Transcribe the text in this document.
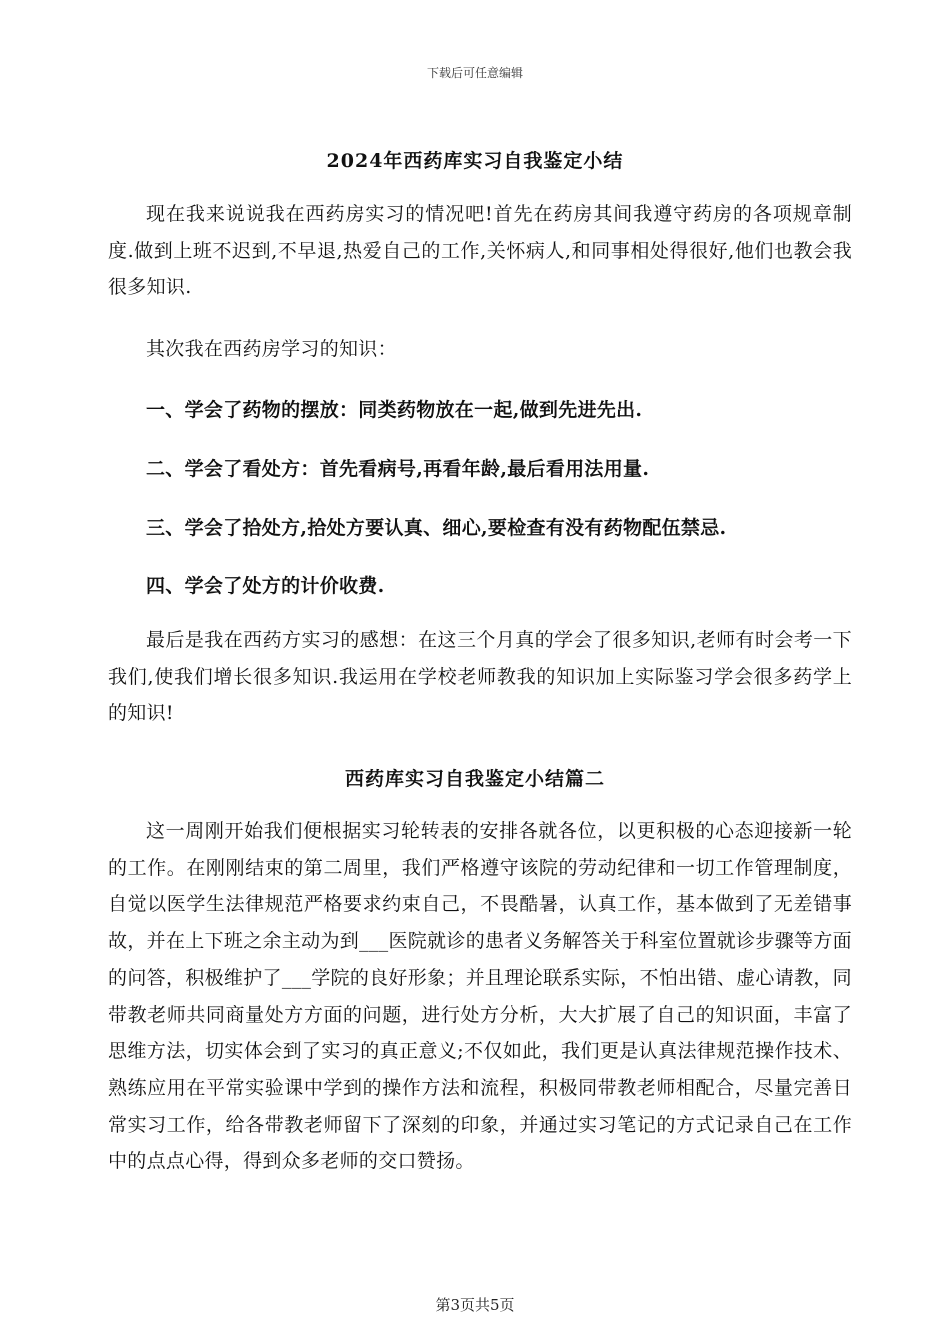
下载后可任意编辑
2024年西药库实习自我鉴定小结

现在我来说说我在西药房实习的情况吧!首先在药房其间我遵守药房的各项规章制度.做到上班不迟到,不早退,热爱自己的工作,关怀病人,和同事相处得很好,他们也教会我很多知识.

其次我在西药房学习的知识：

一、学会了药物的摆放：同类药物放在一起,做到先进先出.

二、学会了看处方：首先看病号,再看年龄,最后看用法用量.

三、学会了拾处方,拾处方要认真、细心,要检查有没有药物配伍禁忌.

四、学会了处方的计价收费.

最后是我在西药方实习的感想：在这三个月真的学会了很多知识,老师有时会考一下我们,使我们增长很多知识.我运用在学校老师教我的知识加上实际鉴习学会很多药学上的知识!

西药库实习自我鉴定小结篇二

这一周刚开始我们便根据实习轮转表的安排各就各位，以更积极的心态迎接新一轮的工作。在刚刚结束的第二周里，我们严格遵守该院的劳动纪律和一切工作管理制度，自觉以医学生法律规范严格要求约束自己，不畏酷暑，认真工作，基本做到了无差错事故，并在上下班之余主动为到___医院就诊的患者义务解答关于科室位置就诊步骤等方面的问答，积极维护了___学院的良好形象；并且理论联系实际，不怕出错、虚心请教，同带教老师共同商量处方方面的问题，进行处方分析，大大扩展了自己的知识面，丰富了思维方法，切实体会到了实习的真正意义;不仅如此，我们更是认真法律规范操作技术、熟练应用在平常实验课中学到的操作方法和流程，积极同带教老师相配合，尽量完善日常实习工作，给各带教老师留下了深刻的印象，并通过实习笔记的方式记录自己在工作中的点点心得，得到众多老师的交口赞扬。

第3页共5页
